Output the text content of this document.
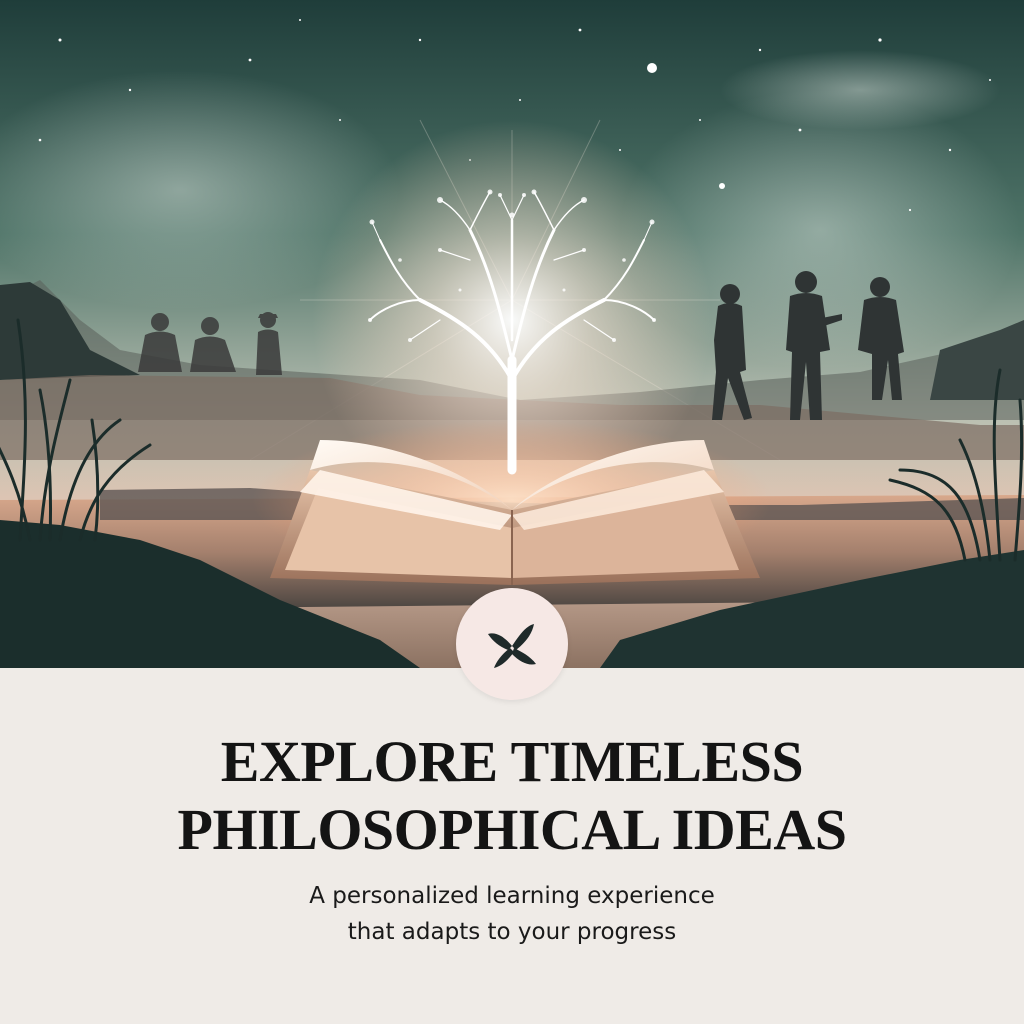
EXPLORE TIMELESS
PHILOSOPHICAL IDEAS
A personalized learning experience
that adapts to your progress
